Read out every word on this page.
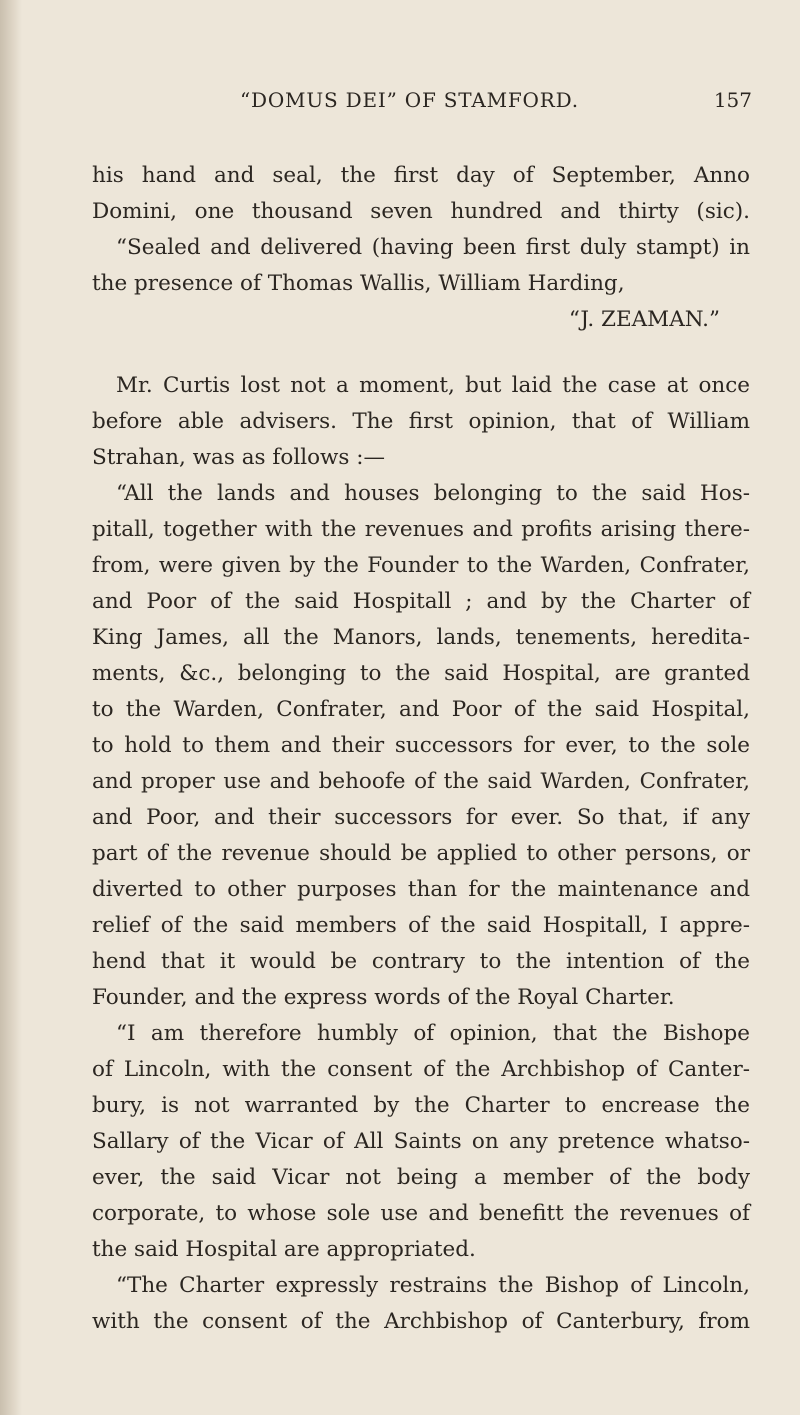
“DOMUS DEI” OF STAMFORD.	157
his hand and seal, the first day of September, Anno
Domini, one thousand seven hundred and thirty (sic).
“Sealed and delivered (having been first duly stampt) in
the presence of Thomas Wallis, William Harding,
“J. ZEAMAN.”
Mr. Curtis lost not a moment, but laid the case at once
before able advisers. The first opinion, that of William
Strahan, was as follows :—
“All the lands and houses belonging to the said Hos-
pitall, together with the revenues and profits arising there-
from, were given by the Founder to the Warden, Confrater,
and Poor of the said Hospitall ; and by the Charter of
King James, all the Manors, lands, tenements, heredita-
ments, &c., belonging to the said Hospital, are granted
to the Warden, Confrater, and Poor of the said Hospital,
to hold to them and their successors for ever, to the sole
and proper use and behoofe of the said Warden, Confrater,
and Poor, and their successors for ever. So that, if any
part of the revenue should be applied to other persons, or
diverted to other purposes than for the maintenance and
relief of the said members of the said Hospitall, I appre-
hend that it would be contrary to the intention of the
Founder, and the express words of the Royal Charter.
“I am therefore humbly of opinion, that the Bishope
of Lincoln, with the consent of the Archbishop of Canter-
bury, is not warranted by the Charter to encrease the
Sallary of the Vicar of All Saints on any pretence whatso-
ever, the said Vicar not being a member of the body
corporate, to whose sole use and benefitt the revenues of
the said Hospital are appropriated.
“The Charter expressly restrains the Bishop of Lincoln,
with the consent of the Archbishop of Canterbury, from
